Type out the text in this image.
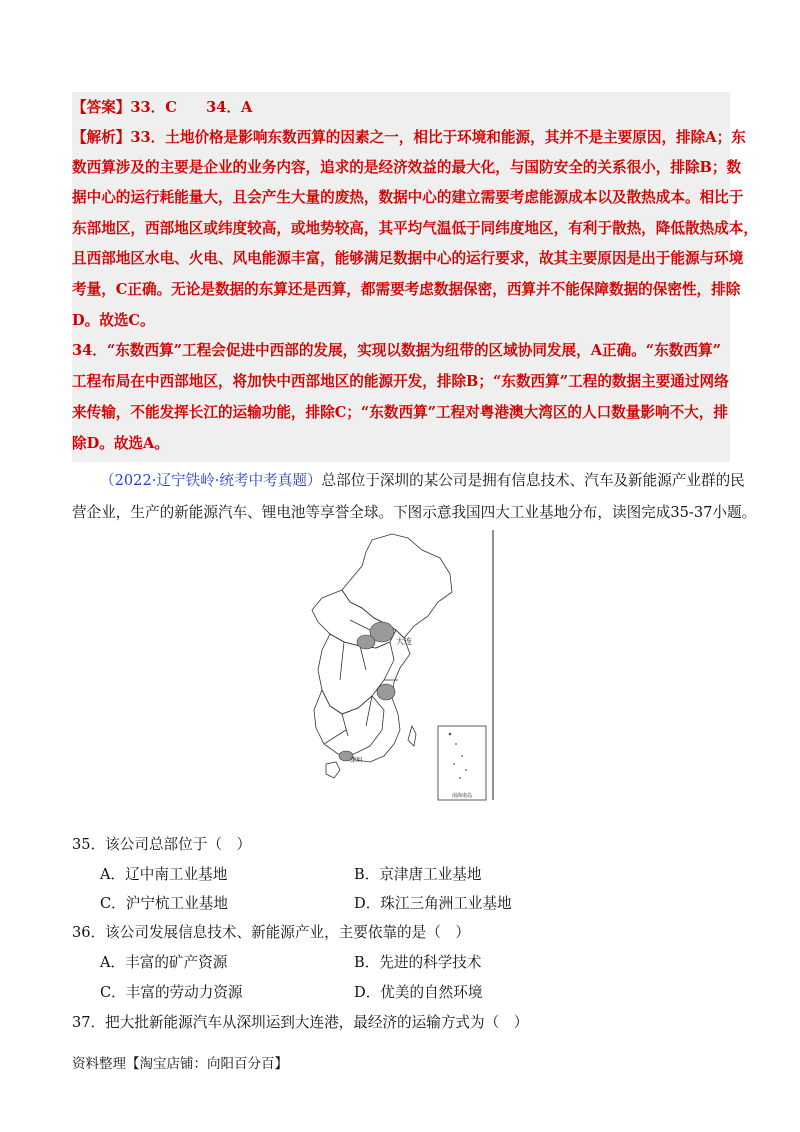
【答案】33．C　　34．A
【解析】33．土地价格是影响东数西算的因素之一，相比于环境和能源，其并不是主要原因，排除A；东
数西算涉及的主要是企业的业务内容，追求的是经济效益的最大化，与国防安全的关系很小，排除B；数
据中心的运行耗能量大，且会产生大量的废热，数据中心的建立需要考虑能源成本以及散热成本。相比于
东部地区，西部地区或纬度较高，或地势较高，其平均气温低于同纬度地区，有利于散热，降低散热成本，
且西部地区水电、火电、风电能源丰富，能够满足数据中心的运行要求，故其主要原因是出于能源与环境
考量，C正确。无论是数据的东算还是西算，都需要考虑数据保密，西算并不能保障数据的保密性，排除
D。故选C。
34．“东数西算”工程会促进中西部的发展，实现以数据为纽带的区域协同发展，A正确。“东数西算”
工程布局在中西部地区，将加快中西部地区的能源开发，排除B；“东数西算”工程的数据主要通过网络
来传输，不能发挥长江的运输功能，排除C；“东数西算”工程对粤港澳大湾区的人口数量影响不大，排
除D。故选A。
（2022·辽宁铁岭·统考中考真题）总部位于深圳的某公司是拥有信息技术、汽车及新能源产业群的民
营企业，生产的新能源汽车、锂电池等享誉全球。下图示意我国四大工业基地分布，读图完成35-37小题。
大连
深圳
南海诸岛
35．该公司总部位于（　）
A．辽中南工业基地	B．京津唐工业基地
C．沪宁杭工业基地	D．珠江三角洲工业基地
36．该公司发展信息技术、新能源产业，主要依靠的是（　）
A．丰富的矿产资源	B．先进的科学技术
C．丰富的劳动力资源	D．优美的自然环境
37．把大批新能源汽车从深圳运到大连港，最经济的运输方式为（　）
资料整理【淘宝店铺：向阳百分百】
